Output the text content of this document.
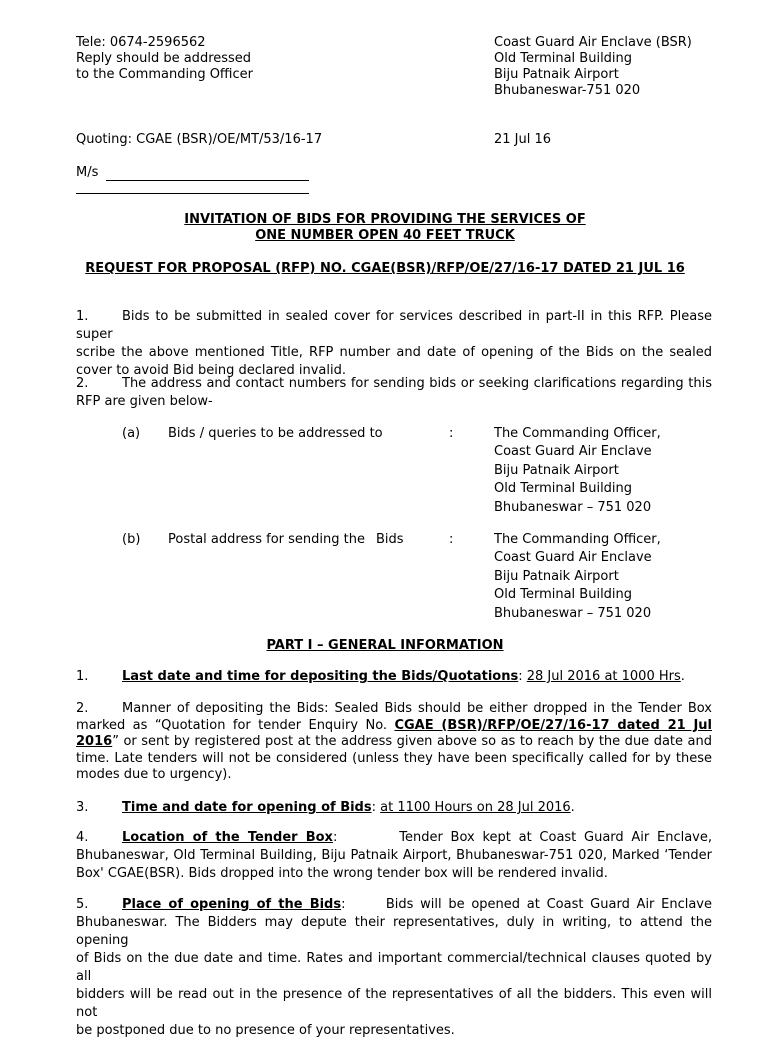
Tele: 0674-2596562
Reply should be addressed
to the Commanding Officer
Coast Guard Air Enclave (BSR)
Old Terminal Building
Biju Patnaik Airport
Bhubaneswar-751 020
Quoting: CGAE (BSR)/OE/MT/53/16-17	21 Jul 16
M/s
INVITATION OF BIDS FOR PROVIDING THE SERVICES OF
ONE NUMBER OPEN 40 FEET TRUCK
REQUEST FOR PROPOSAL (RFP) NO. CGAE(BSR)/RFP/OE/27/16-17 DATED 21 JUL 16
1.	Bids to be submitted in sealed cover for services described in part-II in this RFP. Please super
scribe the above mentioned Title, RFP number and date of opening of the Bids on the sealed cover to avoid Bid being declared invalid.
2.	The address and contact numbers for sending bids or seeking clarifications regarding this
RFP are given below-
(a) Bids / queries to be addressed to	:	The Commanding Officer,
Coast Guard Air Enclave
Biju Patnaik Airport
Old Terminal Building
Bhubaneswar – 751 020
(b) Postal address for sending the Bids	:	The Commanding Officer,
Coast Guard Air Enclave
Biju Patnaik Airport
Old Terminal Building
Bhubaneswar – 751 020
PART I – GENERAL INFORMATION
1.	Last date and time for depositing the Bids/Quotations: 28 Jul 2016 at 1000 Hrs.
2.	Manner of depositing the Bids: Sealed Bids should be either dropped in the Tender Box
marked as “Quotation for tender Enquiry No. CGAE (BSR)/RFP/OE/27/16-17 dated 21 Jul
2016” or sent by registered post at the address given above so as to reach by the due date and
time. Late tenders will not be considered (unless they have been specifically called for by these modes due to urgency).
3.	Time and date for opening of Bids: at 1100 Hours on 28 Jul 2016.
4.	Location of the Tender Box:        Tender Box kept at Coast Guard Air Enclave,
Bhubaneswar, Old Terminal Building, Biju Patnaik Airport, Bhubaneswar-751 020, Marked ‘Tender
Box' CGAE(BSR). Bids dropped into the wrong tender box will be rendered invalid.
5.	Place of opening of the Bids:      Bids will be opened at Coast Guard Air Enclave
Bhubaneswar. The Bidders may depute their representatives, duly in writing, to attend the opening
of Bids on the due date and time. Rates and important commercial/technical clauses quoted by all
bidders will be read out in the presence of the representatives of all the bidders. This even will not
be postponed due to no presence of your representatives.
